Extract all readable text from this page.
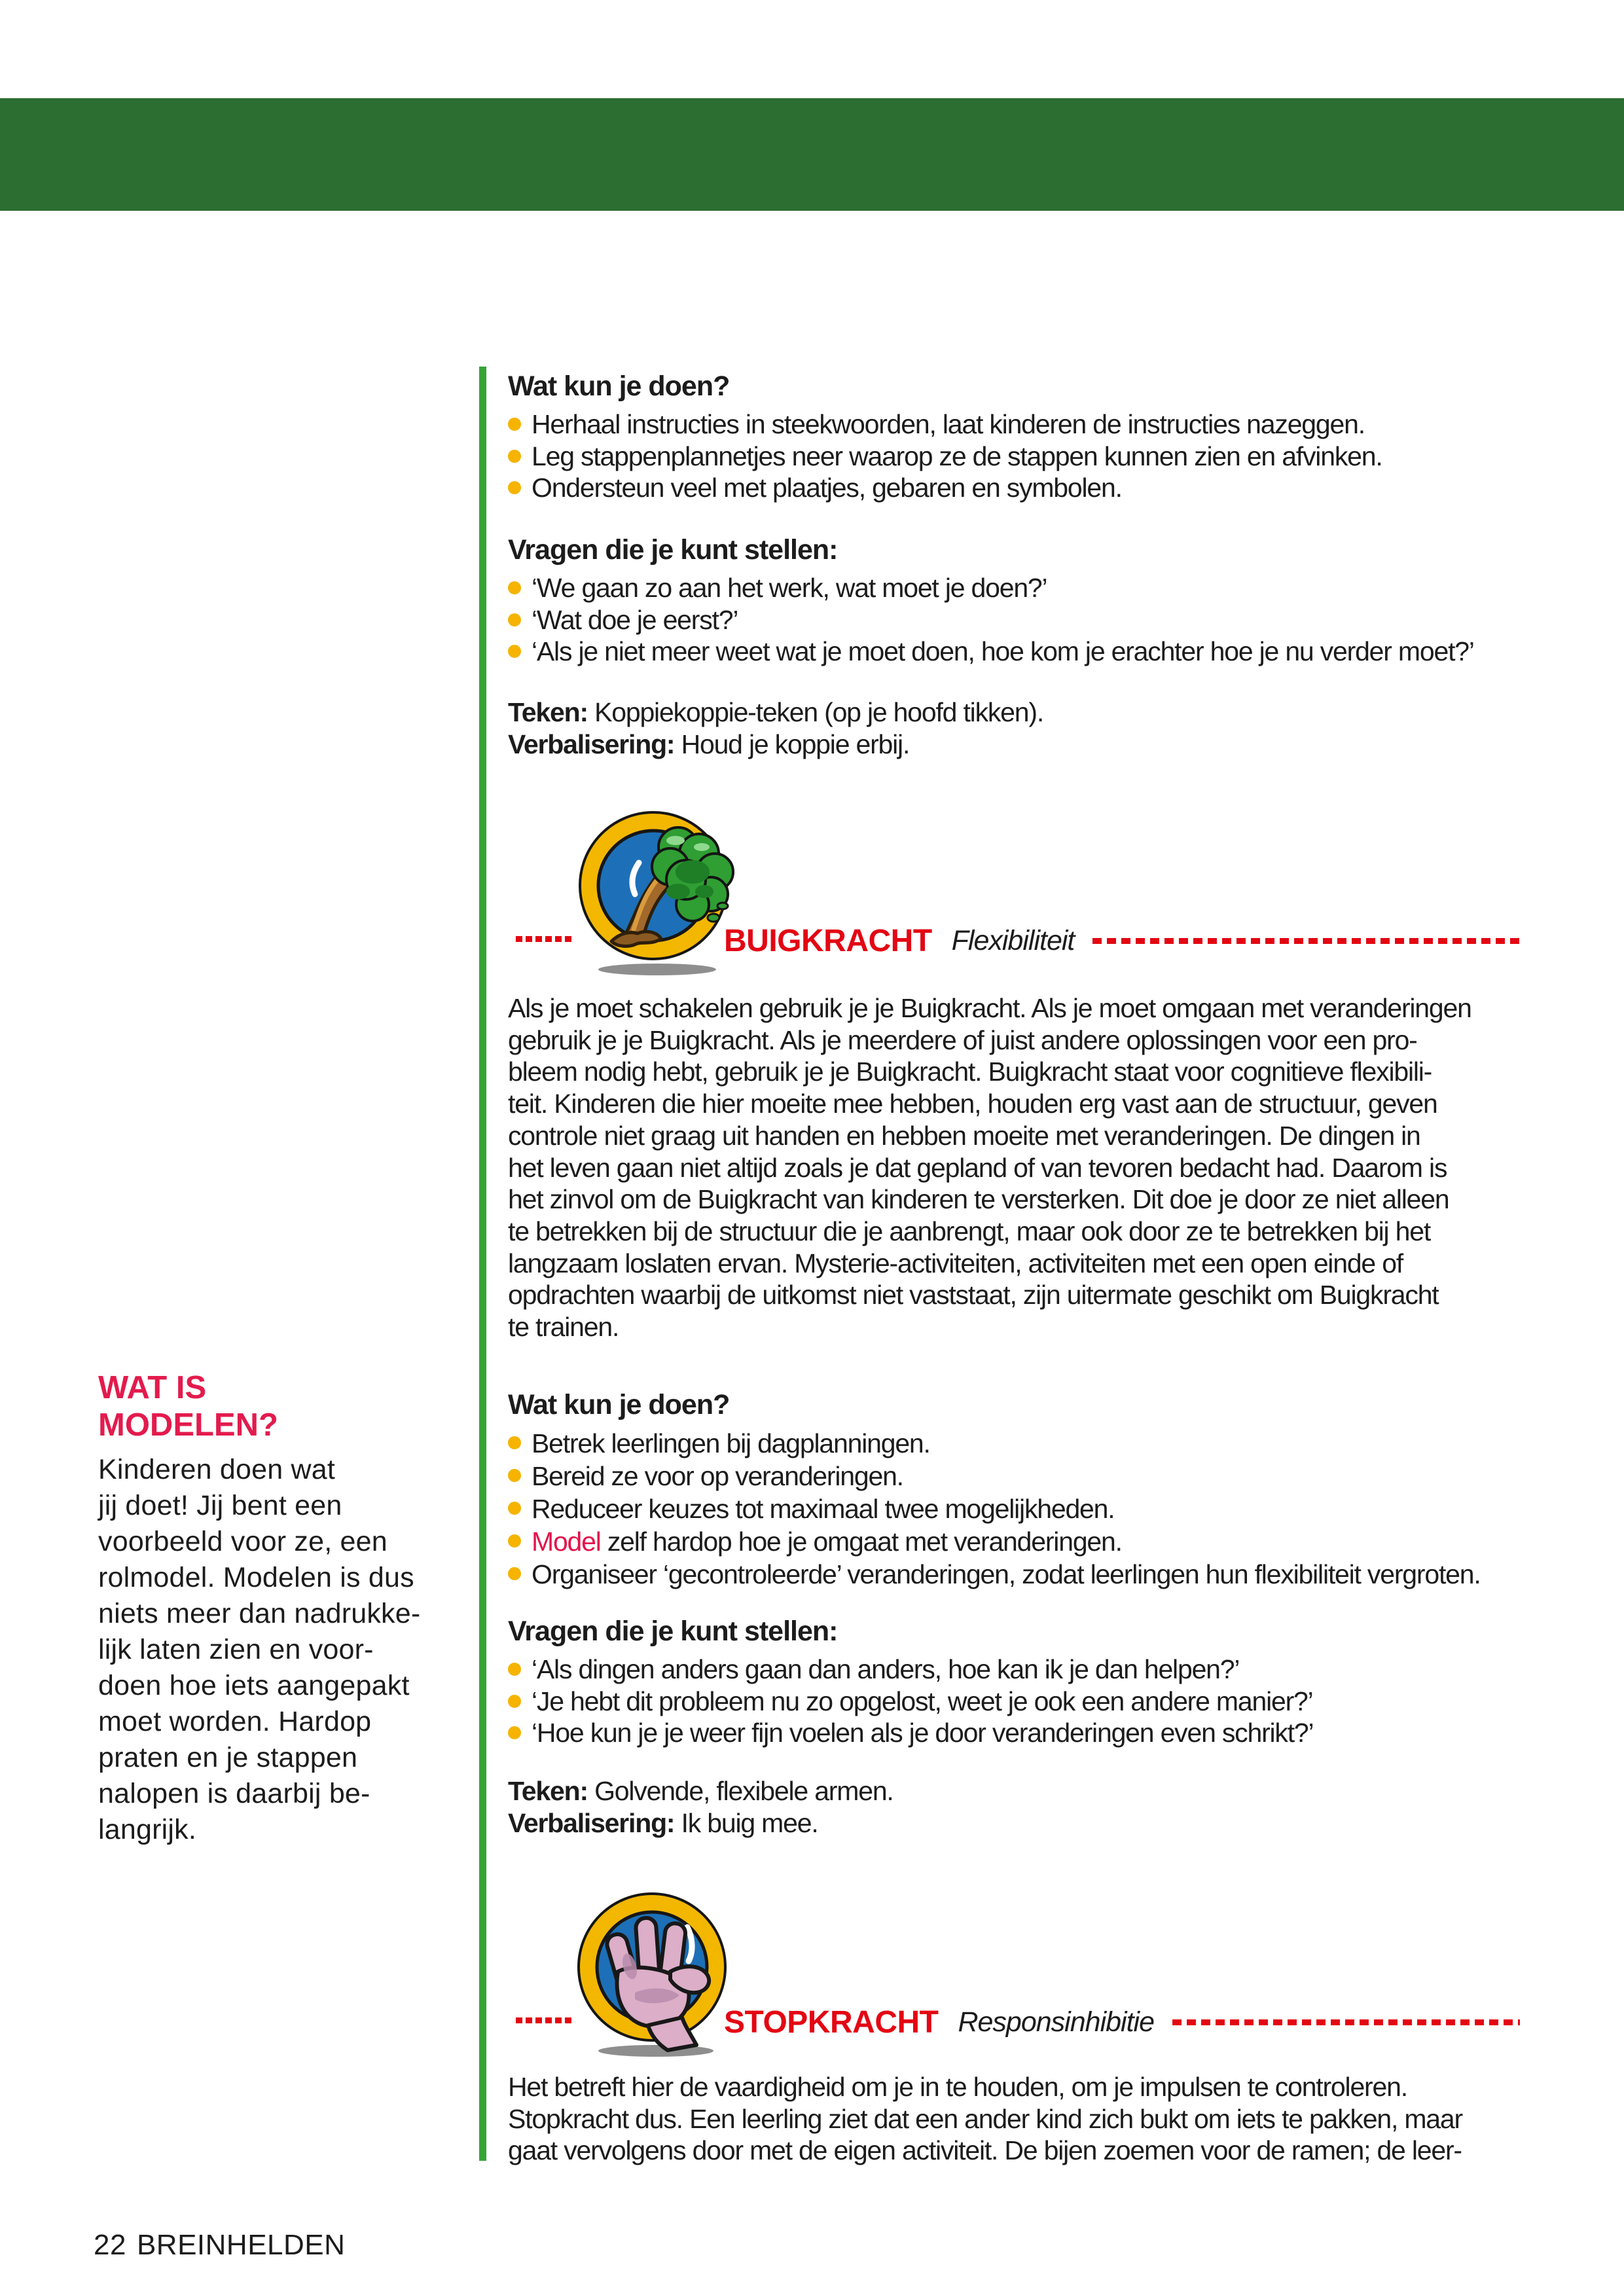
Wat kun je doen?
Herhaal instructies in steekwoorden, laat kinderen de instructies nazeggen.
Leg stappenplannetjes neer waarop ze de stappen kunnen zien en afvinken.
Ondersteun veel met plaatjes, gebaren en symbolen.
Vragen die je kunt stellen:
‘We gaan zo aan het werk, wat moet je doen?’
‘Wat doe je eerst?’
‘Als je niet meer weet wat je moet doen, hoe kom je erachter hoe je nu verder moet?’
Teken: Koppiekoppie-teken (op je hoofd tikken).
Verbalisering: Houd je koppie erbij.
BUIGKRACHT Flexibiliteit
Als je moet schakelen gebruik je je Buigkracht. Als je moet omgaan met veranderingen
gebruik je je Buigkracht. Als je meerdere of juist andere oplossingen voor een pro-
bleem nodig hebt, gebruik je je Buigkracht. Buigkracht staat voor cognitieve flexibili-
teit. Kinderen die hier moeite mee hebben, houden erg vast aan de structuur, geven
controle niet graag uit handen en hebben moeite met veranderingen. De dingen in
het leven gaan niet altijd zoals je dat gepland of van tevoren bedacht had. Daarom is
het zinvol om de Buigkracht van kinderen te versterken. Dit doe je door ze niet alleen
te betrekken bij de structuur die je aanbrengt, maar ook door ze te betrekken bij het
langzaam loslaten ervan. Mysterie-activiteiten, activiteiten met een open einde of
opdrachten waarbij de uitkomst niet vaststaat, zijn uitermate geschikt om Buigkracht
te trainen.
Wat kun je doen?
Betrek leerlingen bij dagplanningen.
Bereid ze voor op veranderingen.
Reduceer keuzes tot maximaal twee mogelijkheden.
Model zelf hardop hoe je omgaat met veranderingen.
Organiseer ‘gecontroleerde’ veranderingen, zodat leerlingen hun flexibiliteit vergroten.
Vragen die je kunt stellen:
‘Als dingen anders gaan dan anders, hoe kan ik je dan helpen?’
‘Je hebt dit probleem nu zo opgelost, weet je ook een andere manier?’
‘Hoe kun je je weer fijn voelen als je door veranderingen even schrikt?’
Teken: Golvende, flexibele armen.
Verbalisering: Ik buig mee.
STOPKRACHT Responsinhibitie
Het betreft hier de vaardigheid om je in te houden, om je impulsen te controleren.
Stopkracht dus. Een leerling ziet dat een ander kind zich bukt om iets te pakken, maar
gaat vervolgens door met de eigen activiteit. De bijen zoemen voor de ramen; de leer-
WAT IS
MODELEN?
Kinderen doen wat
jij doet! Jij bent een
voorbeeld voor ze, een
rolmodel. Modelen is dus
niets meer dan nadrukke-
lijk laten zien en voor-
doen hoe iets aangepakt
moet worden. Hardop
praten en je stappen
nalopen is daarbij be-
langrijk.
22 BREINHELDEN
